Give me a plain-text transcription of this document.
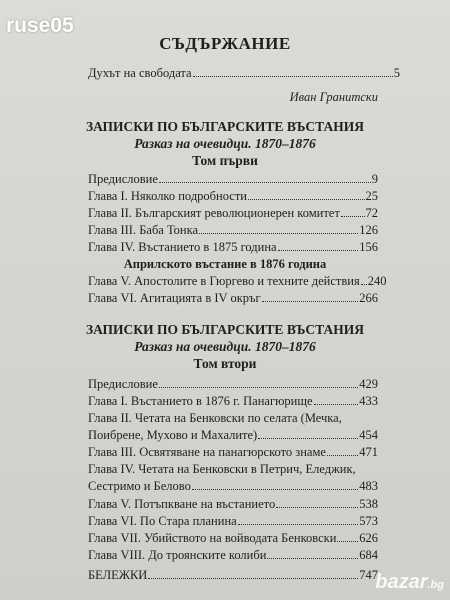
ruse05
СЪДЪРЖАНИЕ
Духът на свободата	5
Иван Гранитски
ЗАПИСКИ ПО БЪЛГАРСКИТЕ ВЪСТАНИЯ
Разказ на очевидци. 1870–1876
Том първи
Предисловие	9
Глава I. Няколко подробности	25
Глава II. Българският революционерен комитет 72
Глава III. Баба Тонка	126
Глава IV. Въстанието в 1875 година	156
Априлското въстание в 1876 година
Глава V. Апостолите в Гюргево и техните действия 240
Глава VI. Агитацията в IV окръг	266
ЗАПИСКИ ПО БЪЛГАРСКИТЕ ВЪСТАНИЯ
Разказ на очевидци. 1870–1876
Том втори
Предисловие	429
Глава I. Въстанието в 1876 г. Панагюрище	433
Глава II. Четата на Бенковски по селата (Мечка,
Поибрене, Мухово и Махалите)	454
Глава III. Освятяване на панагюрското знаме	471
Глава IV. Четата на Бенковски в Петрич, Еледжик,
Сестримо и Белово	483
Глава V. Потъпкване на въстанието	538
Глава VI. По Стара планина	573
Глава VII. Убийството на войводата Бенковски 626
Глава VIII. До троянските колиби	684
БЕЛЕЖКИ	747
bazar.bg
